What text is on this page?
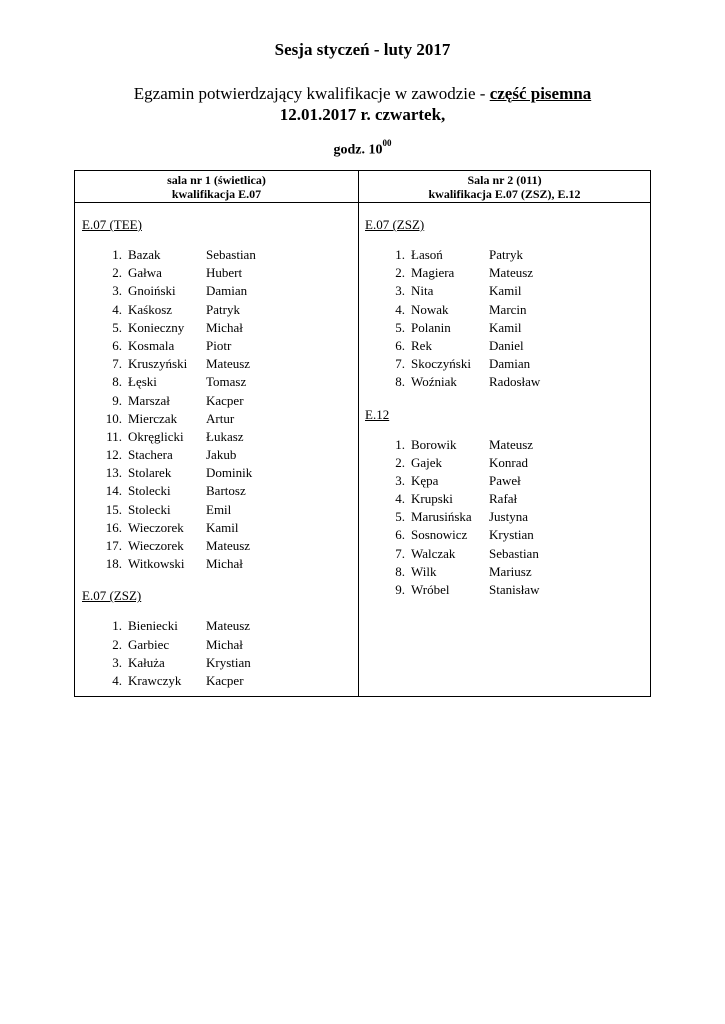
Sesja styczeń - luty 2017
Egzamin potwierdzający kwalifikacje w zawodzie - część pisemna
12.01.2017 r. czwartek,
godz. $10^{00}$
sala nr 1 (świetlica)
kwalifikacja E.07
Sala nr 2 (011)
kwalifikacja E.07 (ZSZ), E.12
E.07 (TEE)
1. Bazak	Sebastian
2. Gałwa	Hubert
3. Gnoiński Damian
4. Kaśkosz	Patryk
5. Konieczny Michał
6. Kosmala Piotr
7. Kruszyński Mateusz
8. Łęski	Tomasz
9. Marszał	Kacper
10. Mierczak Artur
11. Okręglicki Łukasz
12. Stachera	Jakub
13. Stolarek	Dominik
14. Stolecki	Bartosz
15. Stolecki	Emil
16. Wieczorek Kamil
17. Wieczorek Mateusz
18. Witkowski Michał
E.07 (ZSZ)
1. Bieniecki Mateusz
2. Garbiec	Michał
3. Kałuża	Krystian
4. Krawczyk Kacper
E.07 (ZSZ)
1. Łasoń	Patryk
2. Magiera	Mateusz
3. Nita	Kamil
4. Nowak	Marcin
5. Polanin	Kamil
6. Rek	Daniel
7. Skoczyński Damian
8. Woźniak Radosław
E.12
1. Borowik	Mateusz
2. Gajek	Konrad
3. Kępa	Paweł
4. Krupski	Rafał
5. Marusińska Justyna
6. Sosnowicz Krystian
7. Walczak	Sebastian
8. Wilk	Mariusz
9. Wróbel	Stanisław
